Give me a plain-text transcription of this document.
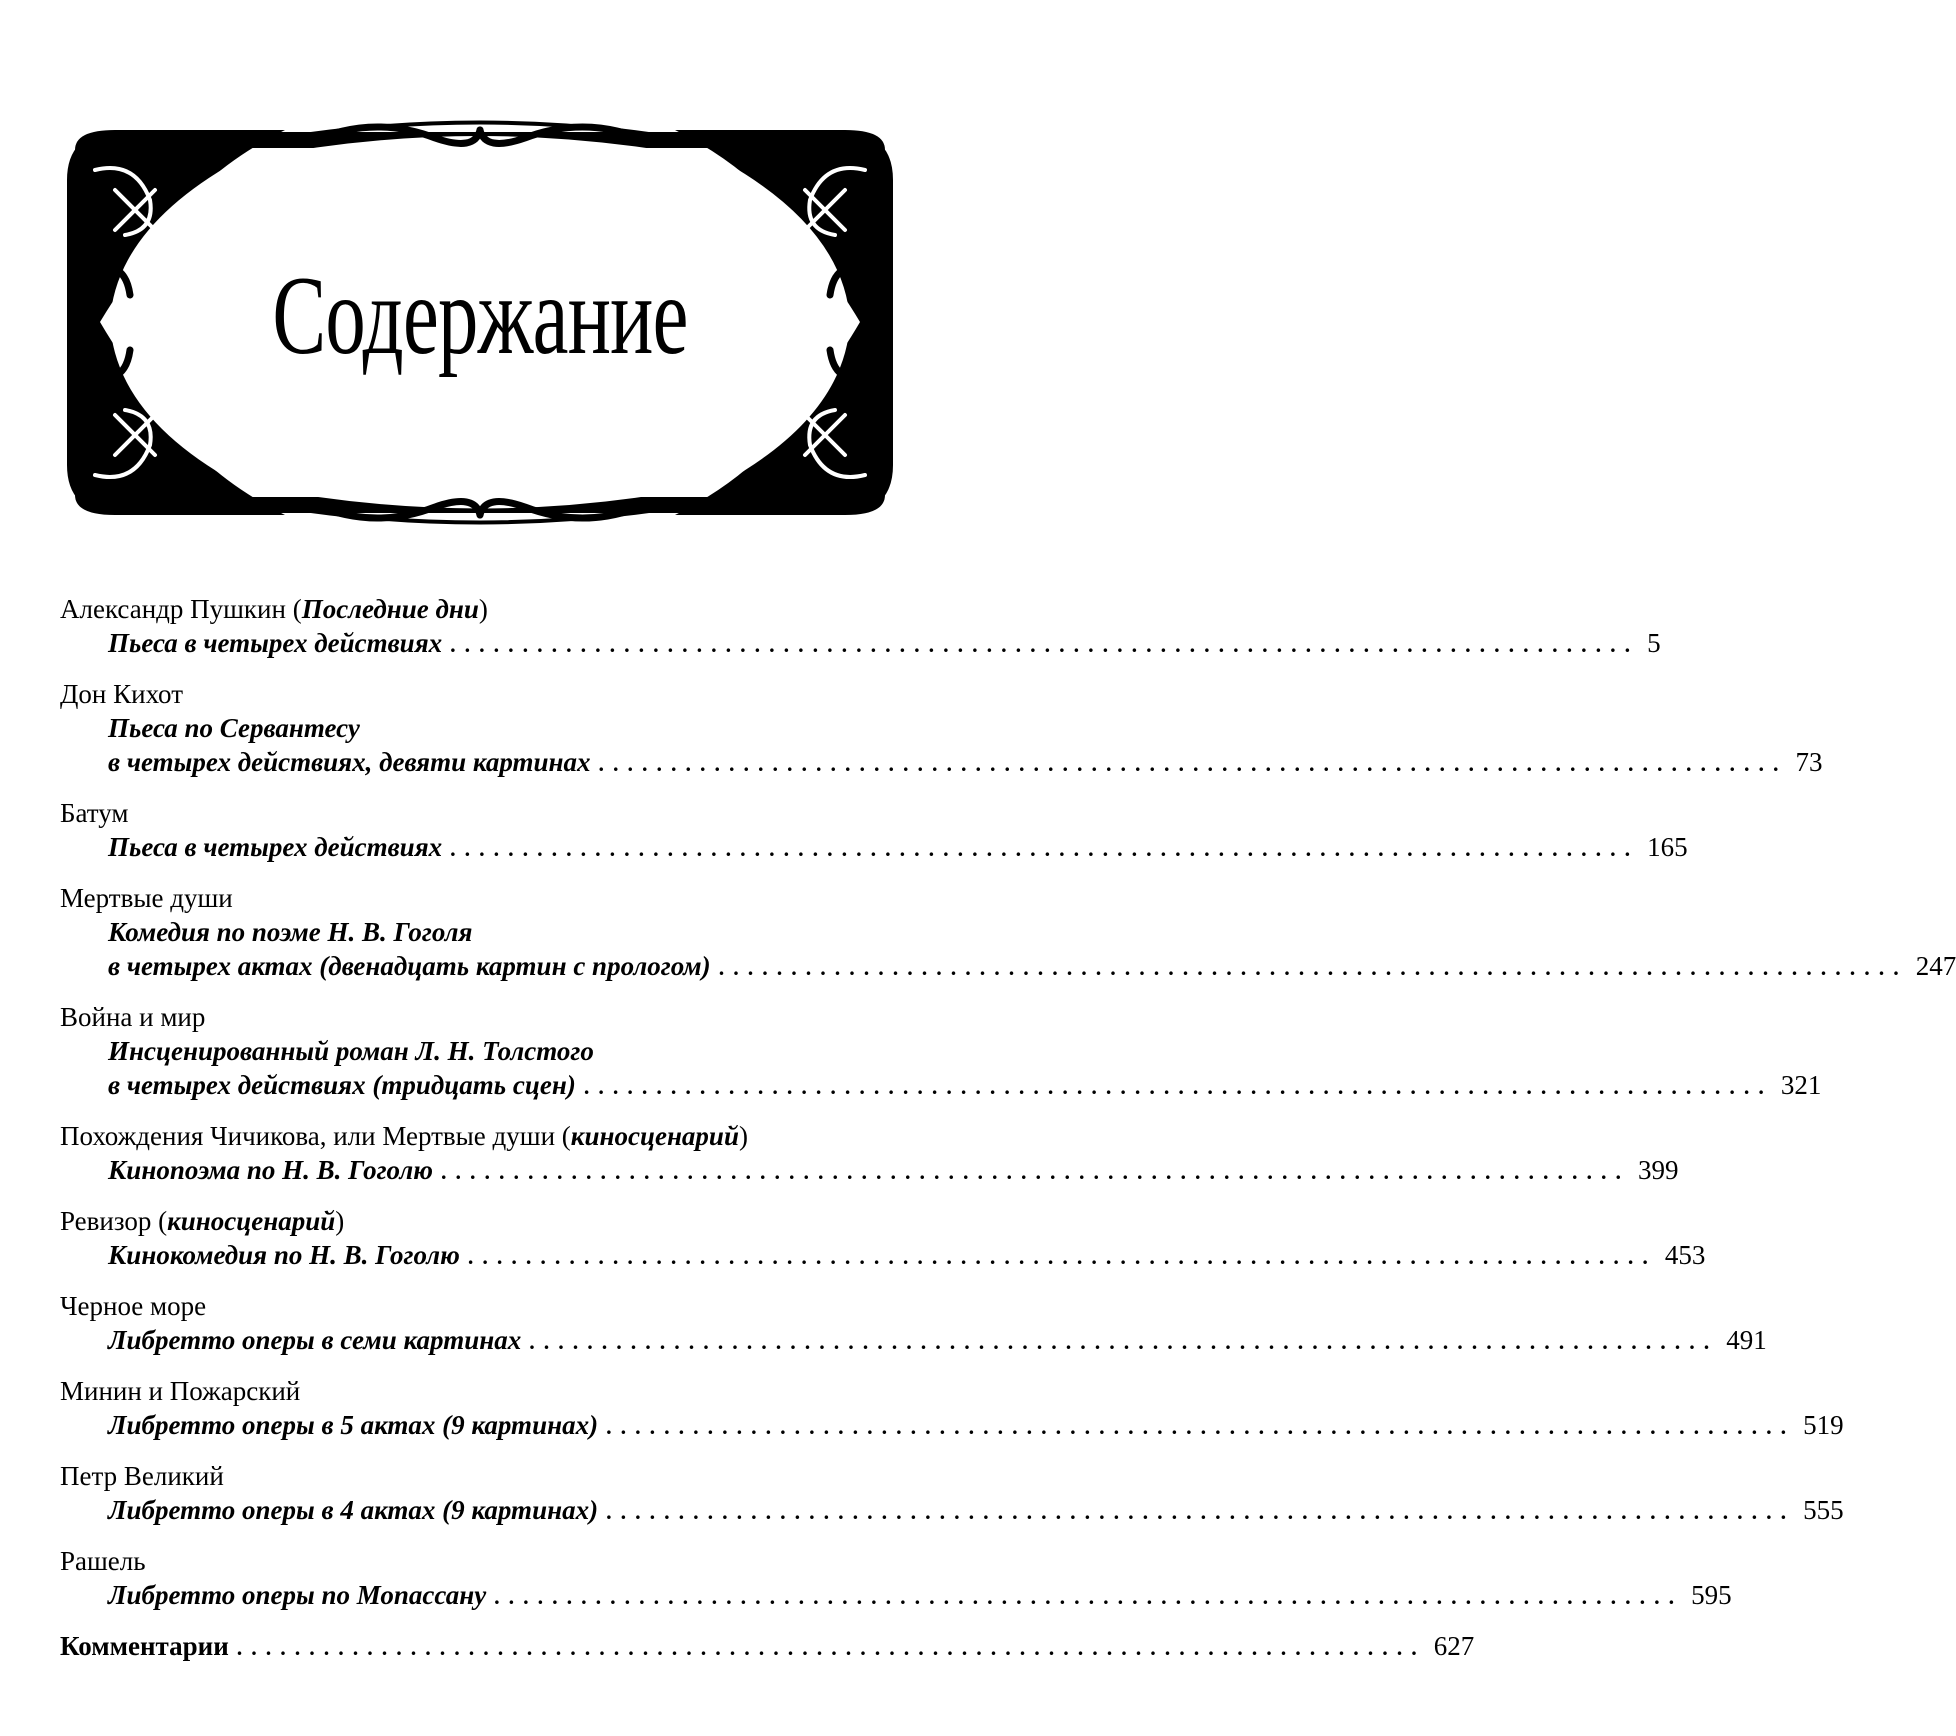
Содержание
Александр Пушкин (Последние дни)
Пьеса в четырех действиях .................................................................................. 5
Дон Кихот
Пьеса по Сервантесу
в четырех действиях, девяти картинах .................................................................................. 73
Батум
Пьеса в четырех действиях .................................................................................. 165
Мертвые души
Комедия по поэме Н. В. Гоголя
в четырех актах (двенадцать картин с прологом) .................................................................................. 247
Война и мир
Инсценированный роман Л. Н. Толстого
в четырех действиях (тридцать сцен) .................................................................................. 321
Похождения Чичикова, или Мертвые души (киносценарий)
Кинопоэма по Н. В. Гоголю .................................................................................. 399
Ревизор (киносценарий)
Кинокомедия по Н. В. Гоголю .................................................................................. 453
Черное море
Либретто оперы в семи картинах .................................................................................. 491
Минин и Пожарский
Либретто оперы в 5 актах (9 картинах) .................................................................................. 519
Петр Великий
Либретто оперы в 4 актах (9 картинах) .................................................................................. 555
Рашель
Либретто оперы по Мопассану .................................................................................. 595
Комментарии .................................................................................. 627
